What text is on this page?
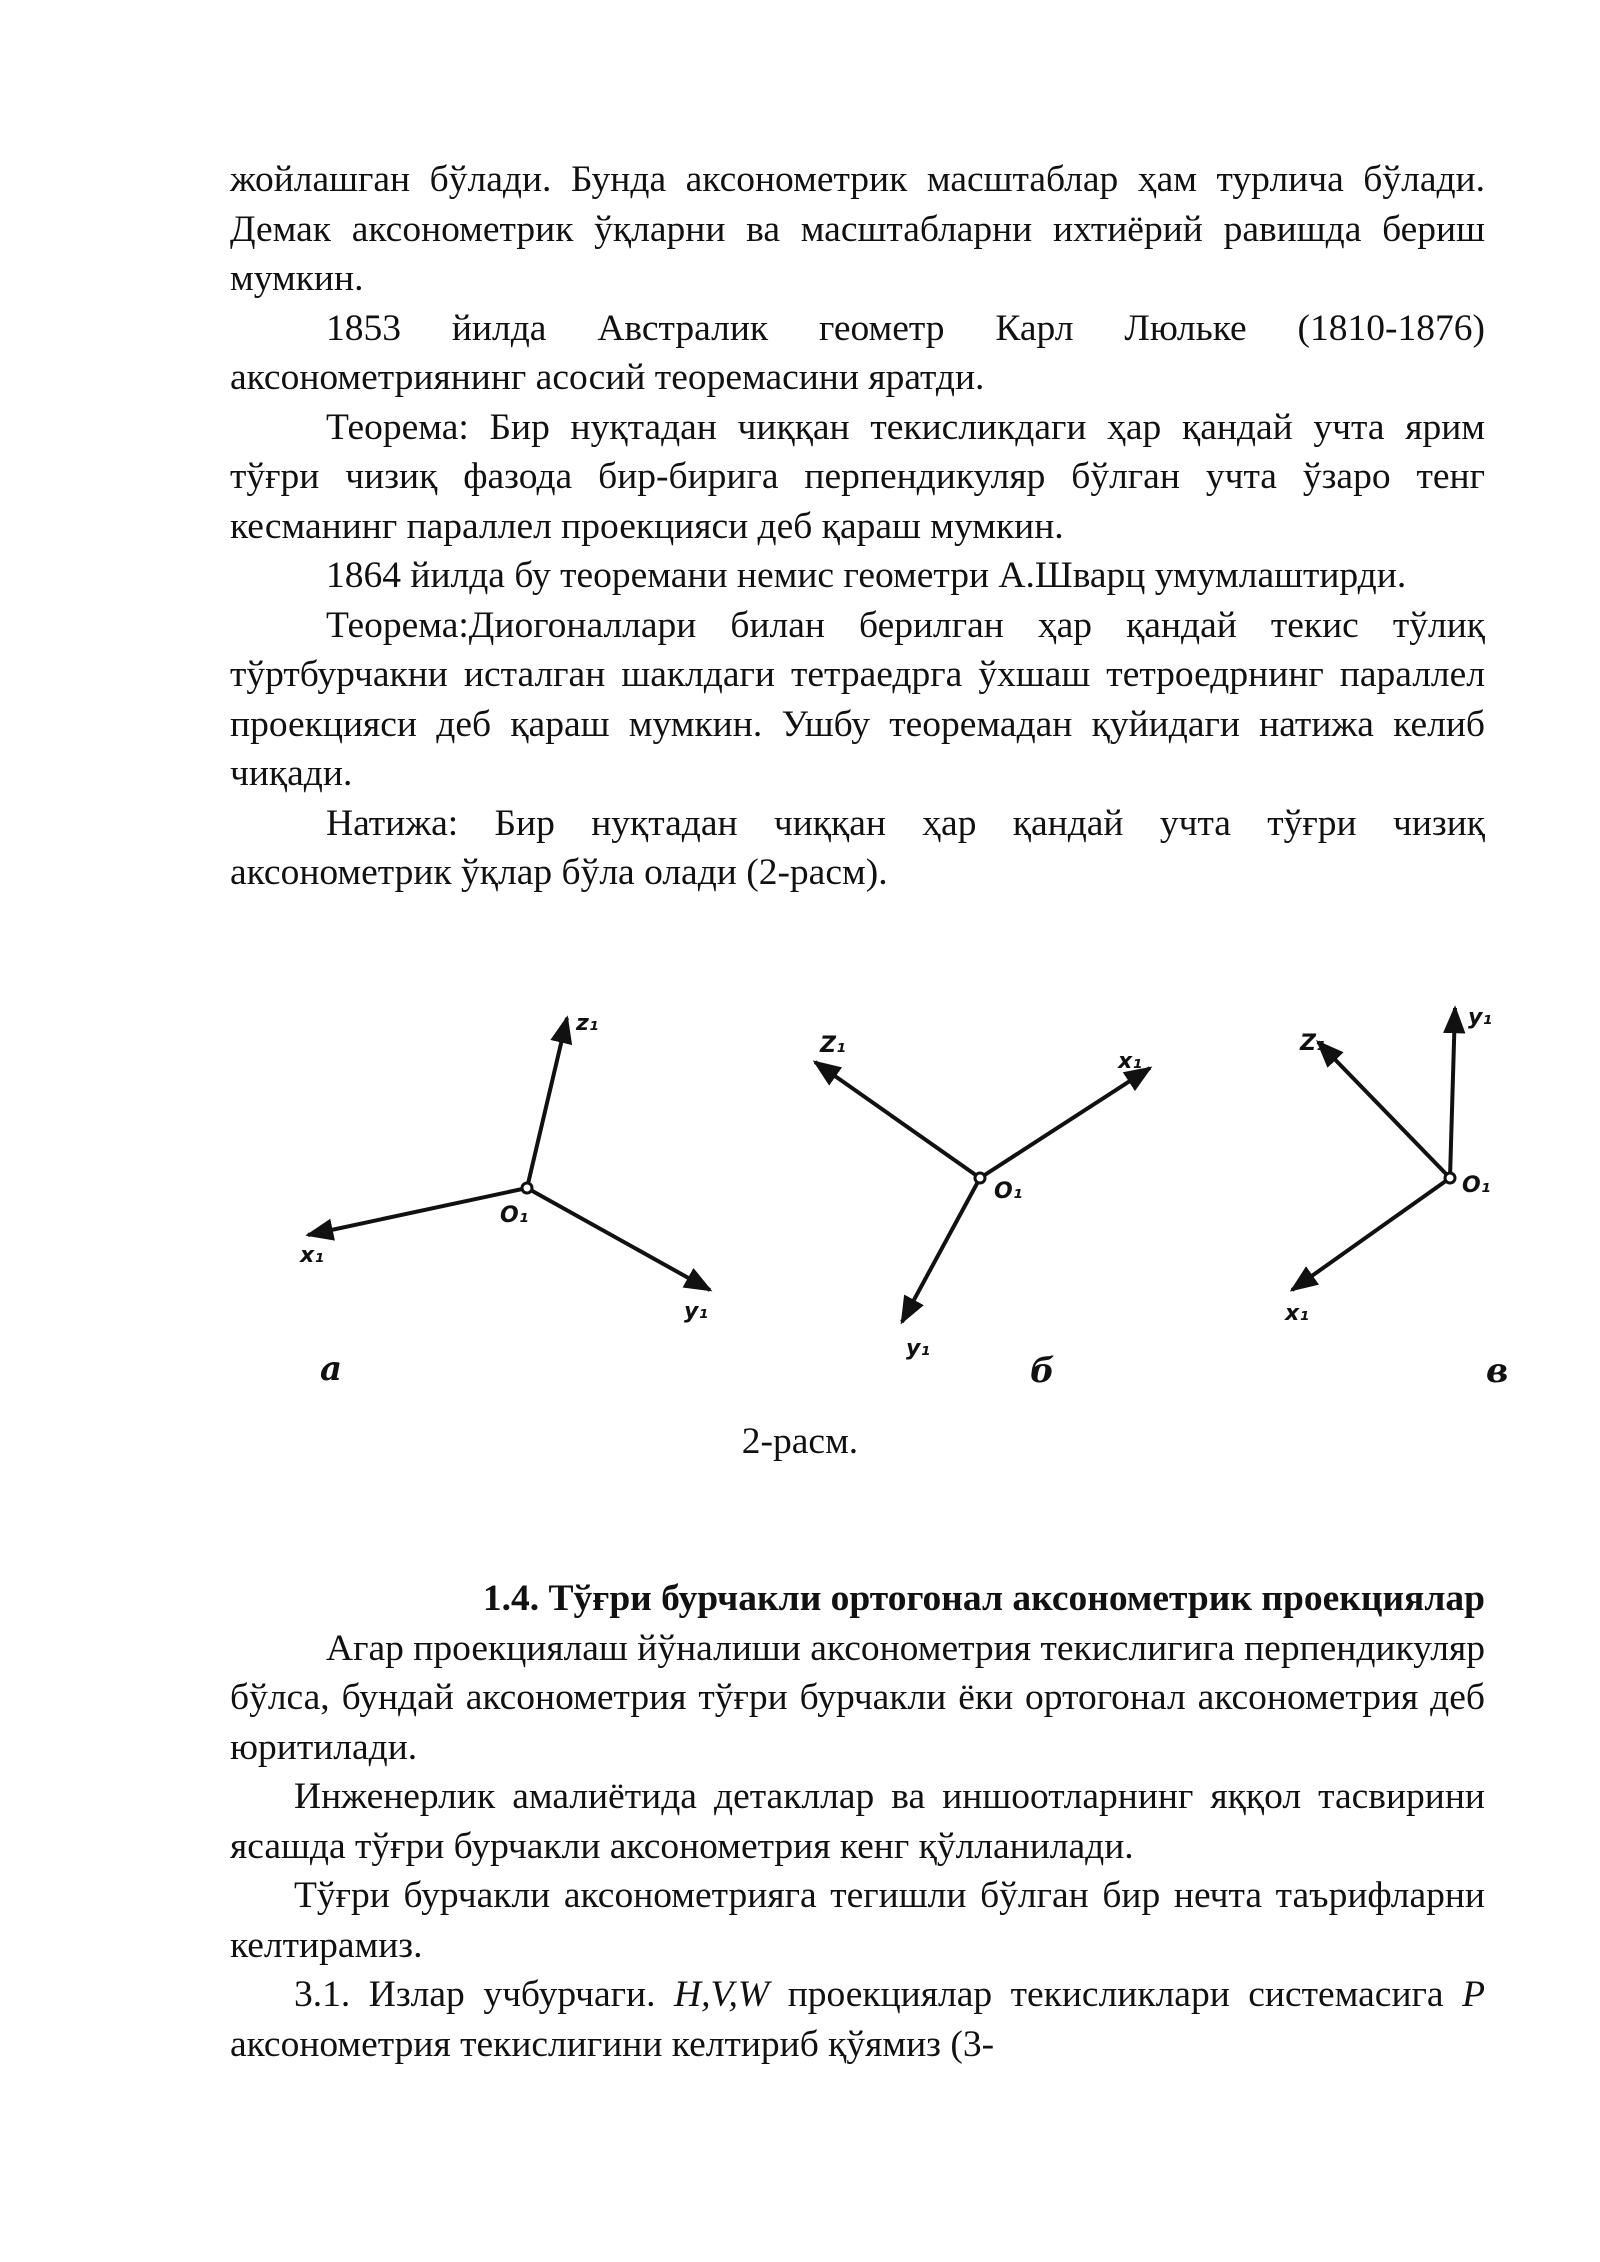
жойлашган бўлади. Бунда аксонометрик масштаблар ҳам турлича бўлади. Демак аксонометрик ўқларни ва масштабларни ихтиёрий равишда бериш мумкин.

1853 йилда Австралик геометр Карл Люльке (1810-1876) аксонометриянинг асосий теоремасини яратди.

Теорема: Бир нуқтадан чиққан текисликдаги ҳар қандай учта ярим тўғри чизиқ фазода бир-бирига перпендикуляр бўлган учта ўзаро тенг кесманинг параллел проекцияси деб қараш мумкин.

1864 йилда бу теоремани немис геометри А.Шварц умумлаштирди.

Теорема:Диогоналлари билан берилган ҳар қандай текис тўлиқ тўртбурчакни исталган шаклдаги тетраедрга ўхшаш тетроедрнинг параллел проекцияси деб қараш мумкин. Ушбу теоремадан қуйидаги натижа келиб чиқади.

Натижа: Бир нуқтадан чиққан ҳар қандай учта тўғри чизиқ аксонометрик ўқлар бўла олади (2-расм).

z₁
x₁
y₁
O₁
а
Z₁
x₁
y₁
O₁
б
y₁
Z₁
x₁
O₁
в
2-расм.

1.4. Тўғри бурчакли ортогонал аксонометрик проекциялар

Агар проекциялаш йўналиши аксонометрия текислигига перпендикуляр бўлса, бундай аксонометрия тўғри бурчакли ёки ортогонал аксонометрия деб юритилади.

Инженерлик амалиётида детакллар ва иншоотларнинг яққол тасвирини ясашда тўғри бурчакли аксонометрия кенг қўлланилади.

Тўғри бурчакли аксонометрияга тегишли бўлган бир нечта таърифларни келтирамиз.

3.1. Излар учбурчаги. H,V,W проекциялар текисликлари системасига P аксонометрия текислигини келтириб қўямиз (3-
